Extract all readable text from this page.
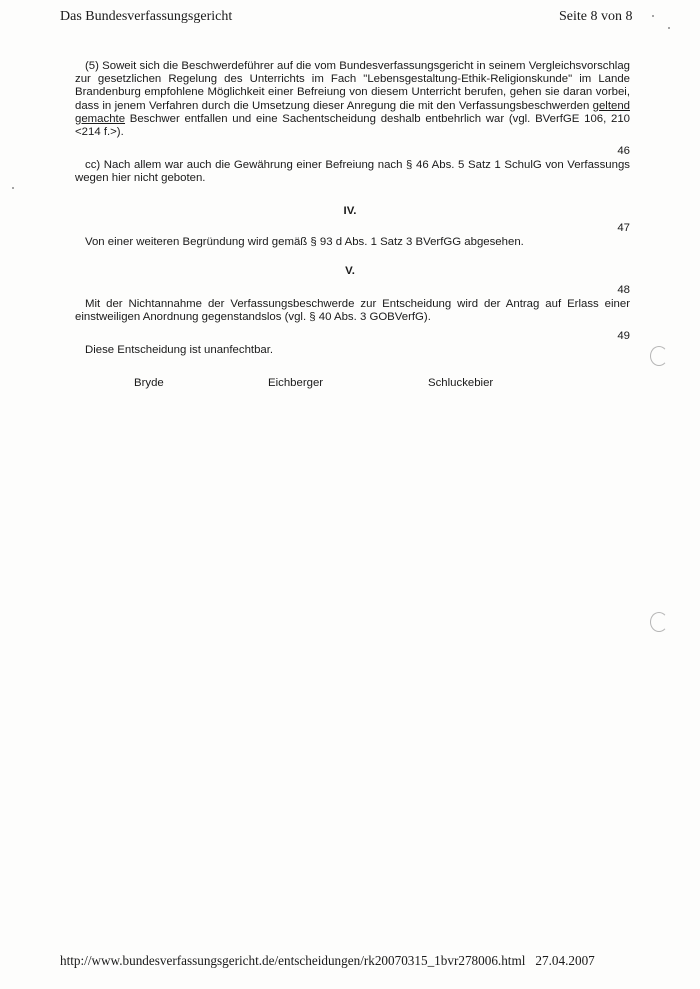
Das Bundesverfassungsgericht	Seite 8 von 8
(5) Soweit sich die Beschwerdeführer auf die vom Bundesverfassungsgericht in seinem Vergleichsvorschlag zur gesetzlichen Regelung des Unterrichts im Fach "Lebensgestaltung-Ethik-Religionskunde" im Lande Brandenburg empfohlene Möglichkeit einer Befreiung von diesem Unterricht berufen, gehen sie daran vorbei, dass in jenem Verfahren durch die Umsetzung dieser Anregung die mit den Verfassungsbeschwerden geltend gemachte Beschwer entfallen und eine Sachentscheidung deshalb entbehrlich war (vgl. BVerfGE 106, 210 <214 f.>).
46
cc) Nach allem war auch die Gewährung einer Befreiung nach § 46 Abs. 5 Satz 1 SchulG von Verfassungs wegen hier nicht geboten.
IV.
47
Von einer weiteren Begründung wird gemäß § 93 d Abs. 1 Satz 3 BVerfGG abgesehen.
V.
48
Mit der Nichtannahme der Verfassungsbeschwerde zur Entscheidung wird der Antrag auf Erlass einer einstweiligen Anordnung gegenstandslos (vgl. § 40 Abs. 3 GOBVerfG).
49
Diese Entscheidung ist unanfechtbar.
Bryde	Eichberger	Schluckebier
http://www.bundesverfassungsgericht.de/entscheidungen/rk20070315_1bvr278006.html 27.04.2007
